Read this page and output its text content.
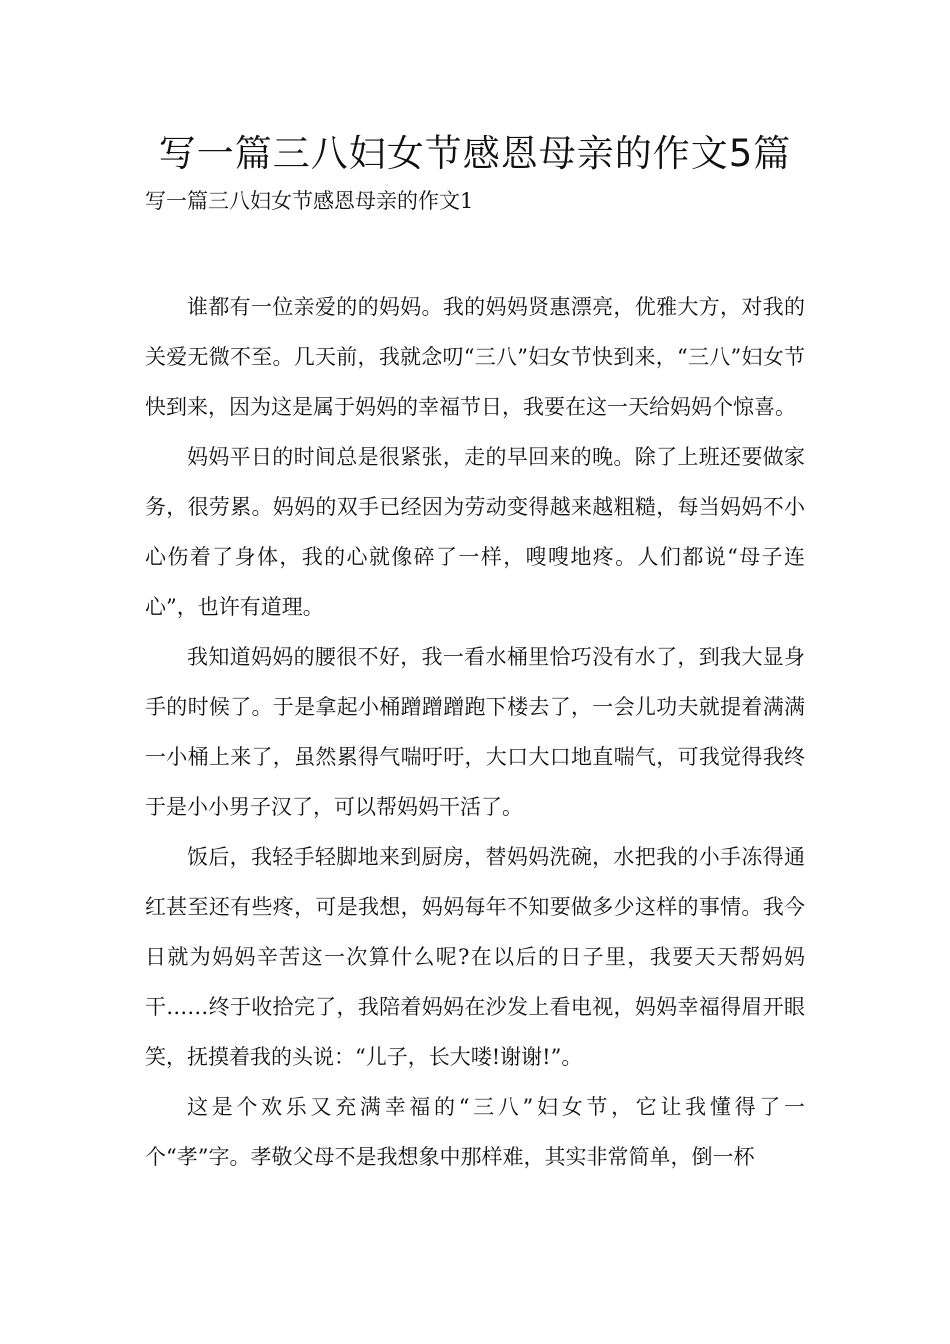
写一篇三八妇女节感恩母亲的作文5篇

写一篇三八妇女节感恩母亲的作文1

谁都有一位亲爱的的妈妈。我的妈妈贤惠漂亮，优雅大方，对我的关爱无微不至。几天前，我就念叨“三八”妇女节快到来，“三八”妇女节快到来，因为这是属于妈妈的幸福节日，我要在这一天给妈妈个惊喜。

妈妈平日的时间总是很紧张，走的早回来的晚。除了上班还要做家务，很劳累。妈妈的双手已经因为劳动变得越来越粗糙，每当妈妈不小心伤着了身体，我的心就像碎了一样，嗖嗖地疼。人们都说“母子连心”，也许有道理。

我知道妈妈的腰很不好，我一看水桶里恰巧没有水了，到我大显身手的时候了。于是拿起小桶蹭蹭蹭跑下楼去了，一会儿功夫就提着满满一小桶上来了，虽然累得气喘吁吁，大口大口地直喘气，可我觉得我终于是小小男子汉了，可以帮妈妈干活了。

饭后，我轻手轻脚地来到厨房，替妈妈洗碗，水把我的小手冻得通红甚至还有些疼，可是我想，妈妈每年不知要做多少这样的事情。我今日就为妈妈辛苦这一次算什么呢?在以后的日子里，我要天天帮妈妈干……终于收拾完了，我陪着妈妈在沙发上看电视，妈妈幸福得眉开眼笑，抚摸着我的头说：“儿子，长大喽!谢谢!”。

这是个欢乐又充满幸福的“三八”妇女节，它让我懂得了一个“孝”字。孝敬父母不是我想象中那样难，其实非常简单，倒一杯
